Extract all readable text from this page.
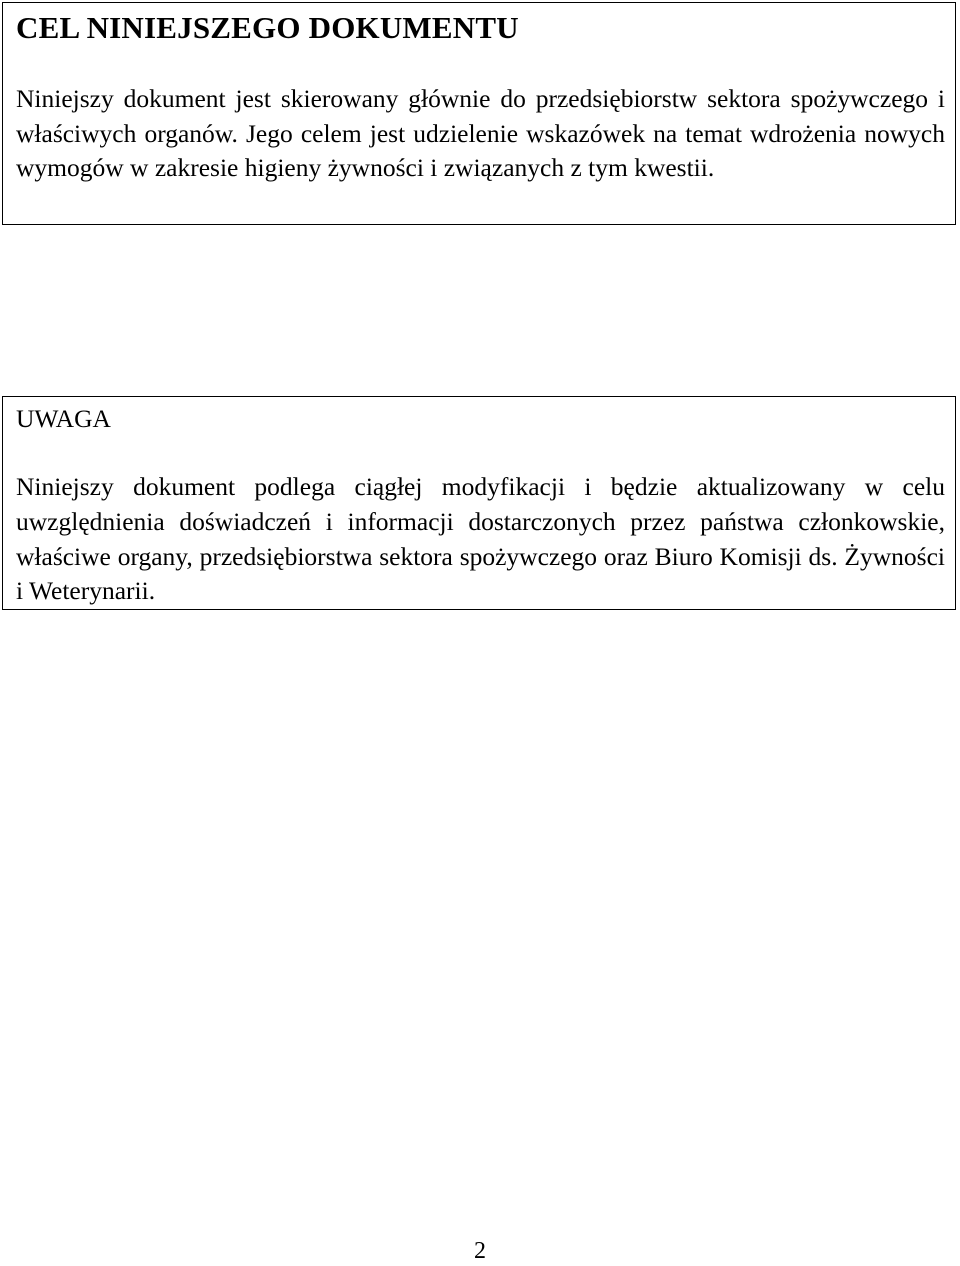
CEL NINIEJSZEGO DOKUMENTU

Niniejszy dokument jest skierowany głównie do przedsiębiorstw sektora spożywczego i właściwych organów. Jego celem jest udzielenie wskazówek na temat wdrożenia nowych wymogów w zakresie higieny żywności i związanych z tym kwestii.

UWAGA

Niniejszy dokument podlega ciągłej modyfikacji i będzie aktualizowany w celu uwzględnienia doświadczeń i informacji dostarczonych przez państwa członkowskie, właściwe organy, przedsiębiorstwa sektora spożywczego oraz Biuro Komisji ds. Żywności i Weterynarii.

2
